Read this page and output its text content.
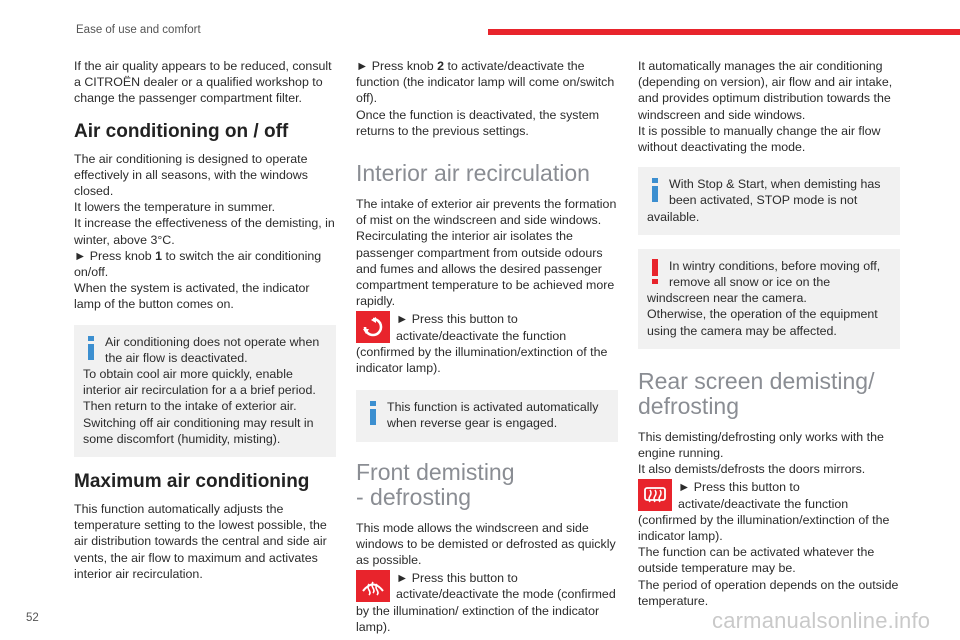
Ease of use and comfort

If the air quality appears to be reduced, consult a CITROËN dealer or a qualified workshop to change the passenger compartment filter.

Air conditioning on / off

The air conditioning is designed to operate effectively in all seasons, with the windows closed.

It lowers the temperature in summer.

It increase the effectiveness of the demisting, in winter, above 3°C.

► Press knob 1 to switch the air conditioning on/off.

When the system is activated, the indicator lamp of the button comes on.

Air conditioning does not operate when the air flow is deactivated.
To obtain cool air more quickly, enable interior air recirculation for a a brief period. Then return to the intake of exterior air.
Switching off air conditioning may result in some discomfort (humidity, misting).
Maximum air conditioning

This function automatically adjusts the temperature setting to the lowest possible, the air distribution towards the central and side air vents, the air flow to maximum and activates interior air recirculation.

► Press knob 2 to activate/deactivate the function (the indicator lamp will come on/switch off).

Once the function is deactivated, the system returns to the previous settings.

Interior air recirculation

The intake of exterior air prevents the formation of mist on the windscreen and side windows.

Recirculating the interior air isolates the passenger compartment from outside odours and fumes and allows the desired passenger compartment temperature to be achieved more rapidly.

► Press this button to activate/deactivate the function (confirmed by the illumination/extinction of the indicator lamp).

This function is activated automatically when reverse gear is engaged.
Front demisting - defrosting

This mode allows the windscreen and side windows to be demisted or defrosted as quickly as possible.

► Press this button to activate/deactivate the mode (confirmed by the illumination/ extinction of the indicator lamp).

It automatically manages the air conditioning (depending on version), air flow and air intake, and provides optimum distribution towards the windscreen and side windows.

It is possible to manually change the air flow without deactivating the mode.

With Stop & Start, when demisting has been activated, STOP mode is not available.
In wintry conditions, before moving off, remove all snow or ice on the windscreen near the camera.
Otherwise, the operation of the equipment using the camera may be affected.
Rear screen demisting/ defrosting

This demisting/defrosting only works with the engine running.

It also demists/defrosts the doors mirrors.

► Press this button to activate/deactivate the function (confirmed by the illumination/extinction of the indicator lamp).

The function can be activated whatever the outside temperature may be.

The period of operation depends on the outside temperature.

52	carmanualsonline.info
